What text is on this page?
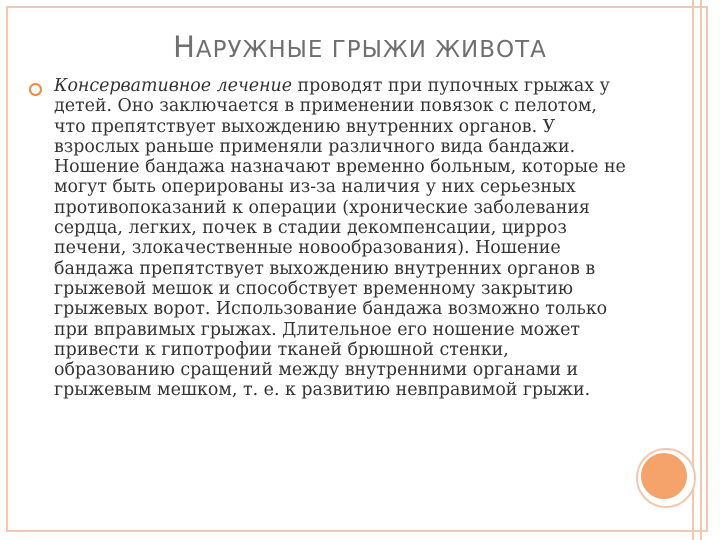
НАРУЖНЫЕ ГРЫЖИ ЖИВОТА
Консервативное лечение проводят при пупочных грыжах у детей. Оно заключается в применении повязок с пелотом, что препятствует выхождению внутренних органов. У взрослых раньше применяли различного вида бандажи. Ношение бандажа назначают временно больным, которые не могут быть оперированы из-за наличия у них серьезных противопоказаний к операции (хронические заболевания сердца, легких, почек в стадии декомпенсации, цирроз печени, злокачественные новообразования). Ношение бандажа препятствует выхождению внутренних органов в грыжевой мешок и способствует временному закрытию грыжевых ворот. Использование бандажа возможно только при вправимых грыжах. Длительное его ношение может привести к гипотрофии тканей брюшной стенки, образованию сращений между внутренними органами и грыжевым мешком, т. е. к развитию невправимой грыжи.
